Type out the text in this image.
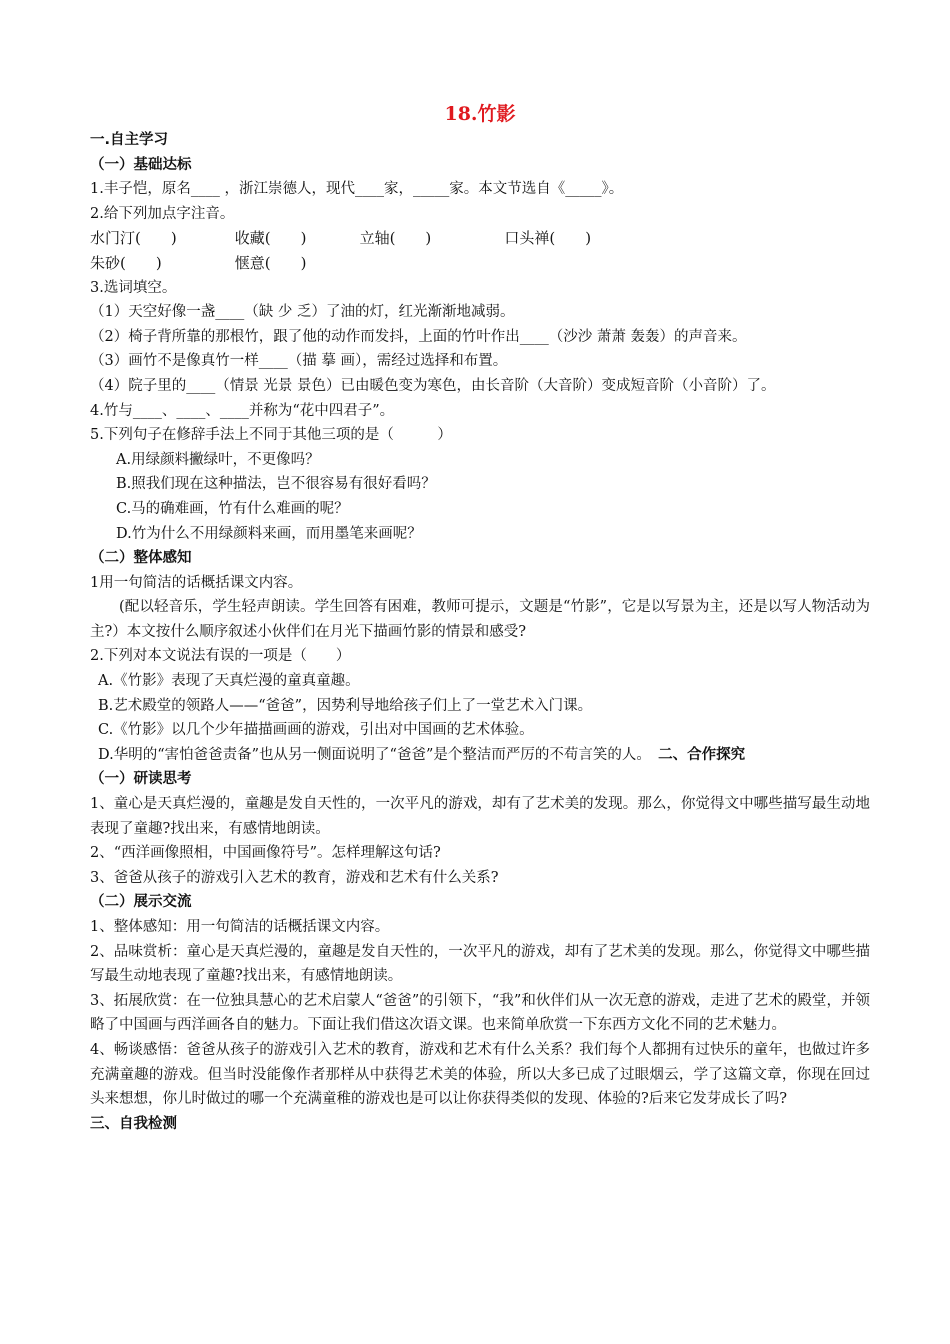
18.竹影
一.自主学习
（一）基础达标
1.丰子恺，原名____ ，浙江崇德人，现代____家，_____家。本文节选自《_____》。
2.给下列加点字注音。
水门汀(　　)	收藏(　　)	立轴(　　)	口头禅(　　)
朱砂(　　)	惬意(　　)
3.选词填空。
（1）天空好像一盏____（缺 少 乏）了油的灯，红光渐渐地减弱。
（2）椅子背所靠的那根竹，跟了他的动作而发抖，上面的竹叶作出____（沙沙 萧萧 轰轰）的声音来。
（3）画竹不是像真竹一样____（描 摹 画），需经过选择和布置。
（4）院子里的____（情景 光景 景色）已由暖色变为寒色，由长音阶（大音阶）变成短音阶（小音阶）了。
4.竹与____、____、____并称为“花中四君子”。
5.下列句子在修辞手法上不同于其他三项的是（　　　）
A.用绿颜料撇绿叶，不更像吗？
B.照我们现在这种描法，岂不很容易有很好看吗？
C.马的确难画，竹有什么难画的呢？
D.竹为什么不用绿颜料来画，而用墨笔来画呢？
（二）整体感知
1用一句简洁的话概括课文内容。
(配以轻音乐，学生轻声朗读。学生回答有困难，教师可提示，文题是“竹影”，它是以写景为主，还是以写人物活动为主?）本文按什么顺序叙述小伙伴们在月光下描画竹影的情景和感受?
2.下列对本文说法有误的一项是（　　）
A.《竹影》表现了天真烂漫的童真童趣。
B.艺术殿堂的领路人——“爸爸”，因势利导地给孩子们上了一堂艺术入门课。
C.《竹影》以几个少年描描画画的游戏，引出对中国画的艺术体验。
D.华明的“害怕爸爸责备”也从另一侧面说明了“爸爸”是个整洁而严厉的不苟言笑的人。　 二、合作探究
（一）研读思考
1、童心是天真烂漫的，童趣是发自天性的，一次平凡的游戏，却有了艺术美的发现。那么，你觉得文中哪些描写最生动地表现了童趣?找出来，有感情地朗读。
2、“西洋画像照相，中国画像符号”。怎样理解这句话?
3、爸爸从孩子的游戏引入艺术的教育，游戏和艺术有什么关系?
（二）展示交流
1、整体感知：用一句简洁的话概括课文内容。
2、品味赏析：童心是天真烂漫的，童趣是发自天性的，一次平凡的游戏，却有了艺术美的发现。那么，你觉得文中哪些描写最生动地表现了童趣?找出来，有感情地朗读。
3、拓展欣赏：在一位独具慧心的艺术启蒙人“爸爸”的引领下，“我”和伙伴们从一次无意的游戏，走进了艺术的殿堂，并领略了中国画与西洋画各自的魅力。下面让我们借这次语文课。也来简单欣赏一下东西方文化不同的艺术魅力。
4、畅谈感悟：爸爸从孩子的游戏引入艺术的教育，游戏和艺术有什么关系？我们每个人都拥有过快乐的童年，也做过许多充满童趣的游戏。但当时没能像作者那样从中获得艺术美的体验，所以大多已成了过眼烟云，学了这篇文章，你现在回过头来想想，你儿时做过的哪一个充满童稚的游戏也是可以让你获得类似的发现、体验的?后来它发芽成长了吗?
三、自我检测
